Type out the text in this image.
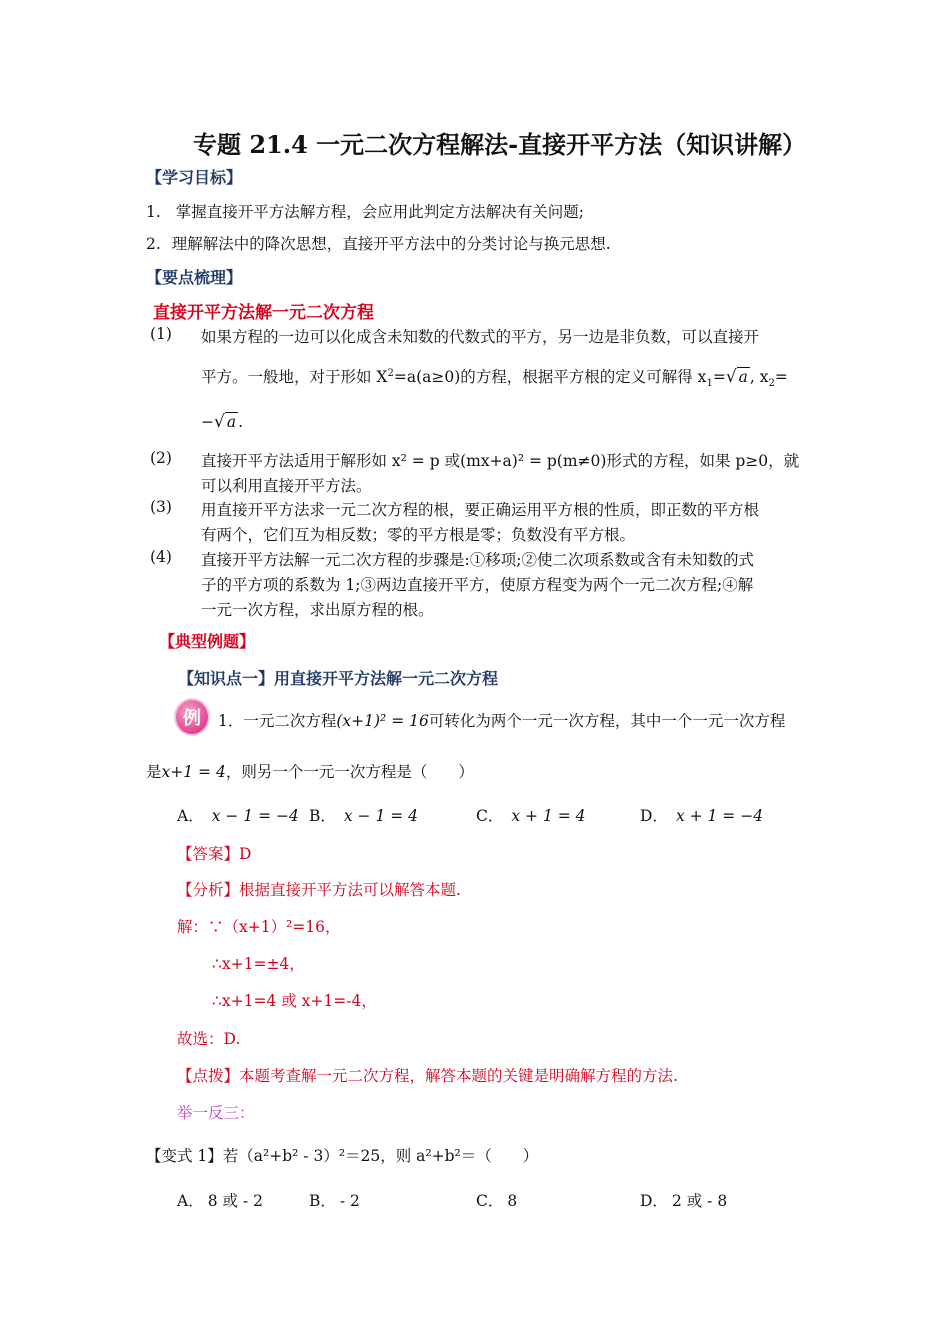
专题 21.4 一元二次方程解法-直接开平方法（知识讲解）
【学习目标】
1. 掌握直接开平方法解方程，会应用此判定方法解决有关问题;
2. 理解解法中的降次思想，直接开平方法中的分类讨论与换元思想.
【要点梳理】
直接开平方法解一元二次方程
(1) 如果方程的一边可以化成含未知数的代数式的平方，另一边是非负数，可以直接开
平方。一般地，对于形如 $X^2=a(a\ge 0)$的方程，根据平方根的定义可解得 $x_1=√$ a , $x_2=$
−√ a .
(2) 直接开平方法适用于解形如 x² = p 或(mx+a)² = p(m≠0)形式的方程，如果 p≥0，就
可以利用直接开平方法。
(3) 用直接开平方法求一元二次方程的根，要正确运用平方根的性质，即正数的平方根
有两个，它们互为相反数；零的平方根是零；负数没有平方根。
(4) 直接开平方法解一元二次方程的步骤是:①移项;②使二次项系数或含有未知数的式
子的平方项的系数为 1;③两边直接开平方，使原方程变为两个一元二次方程;④解
一元一次方程，求出原方程的根。
【典型例题】
【知识点一】用直接开平方法解一元二次方程
例	1．一元二次方程(x+1)² = 16可转化为两个一元一次方程，其中一个一元一次方程
是x+1 = 4，则另一个一元一次方程是（　　）
A． x − 1 = −4 B． x − 1 = 4	C． x + 1 = 4	D． x + 1 = −4
【答案】D
【分析】根据直接开平方法可以解答本题.
解：∵（x+1）²=16，
∴x+1=±4，
∴x+1=4 或 x+1=-4，
故选：D.
【点拨】本题考查解一元二次方程，解答本题的关键是明确解方程的方法.
举一反三：
【变式 1】若（a²+b² - 3）²＝25，则 a²+b²＝（　　）
A． 8 或 - 2	B． - 2	C． 8	D． 2 或 - 8
